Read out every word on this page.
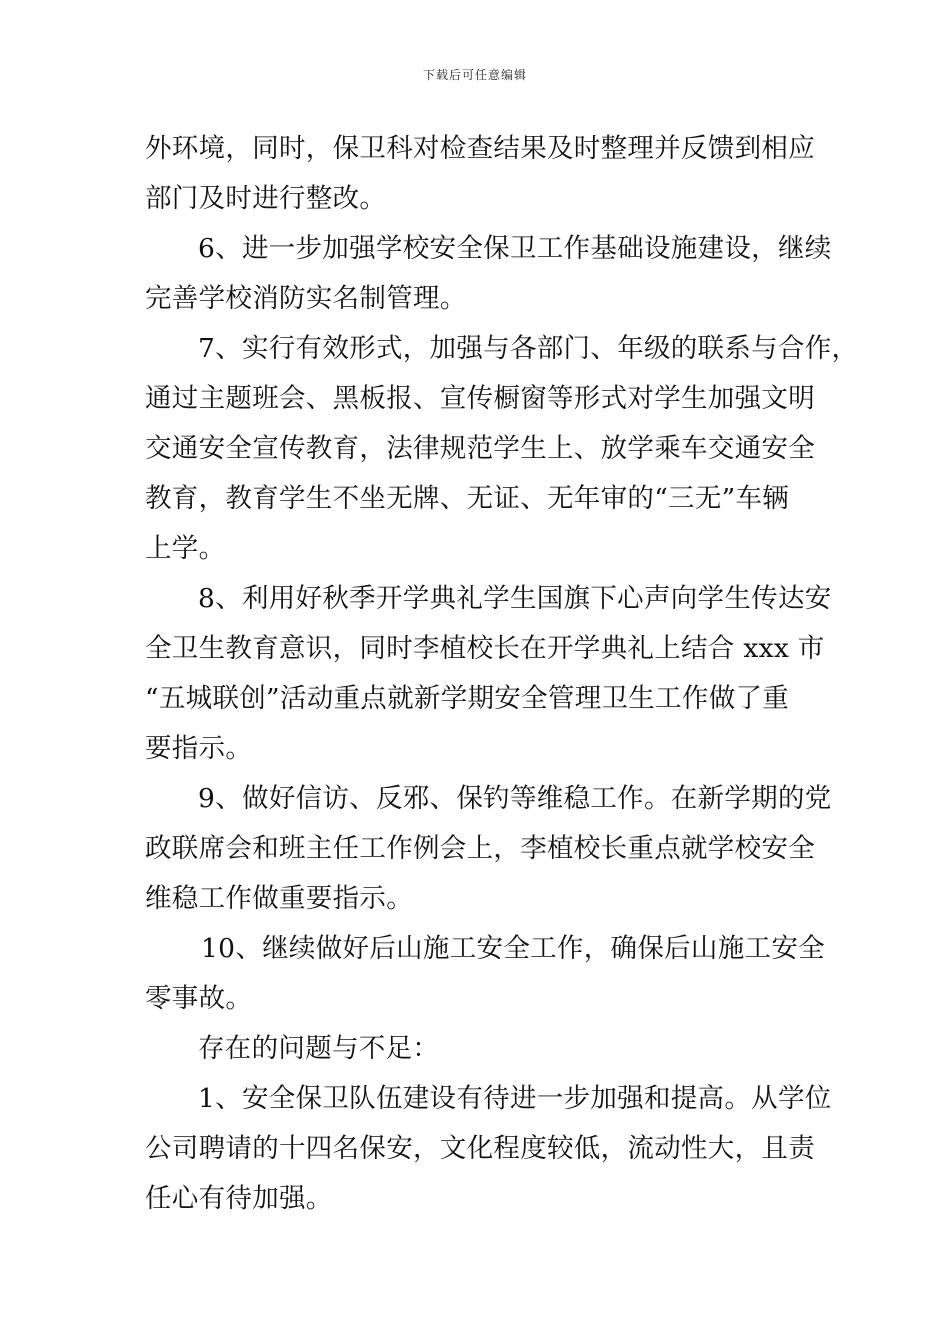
下载后可任意编辑
外环境，同时，保卫科对检查结果及时整理并反馈到相应
部门及时进行整改。
6、进一步加强学校安全保卫工作基础设施建设，继续
完善学校消防实名制管理。
7、实行有效形式，加强与各部门、年级的联系与合作，
通过主题班会、黑板报、宣传橱窗等形式对学生加强文明
交通安全宣传教育，法律规范学生上、放学乘车交通安全
教育，教育学生不坐无牌、无证、无年审的“三无”车辆
上学。
8、利用好秋季开学典礼学生国旗下心声向学生传达安
全卫生教育意识，同时李植校长在开学典礼上结合 xxx 市
“五城联创”活动重点就新学期安全管理卫生工作做了重
要指示。
9、做好信访、反邪、保钓等维稳工作。在新学期的党
政联席会和班主任工作例会上，李植校长重点就学校安全
维稳工作做重要指示。
10、继续做好后山施工安全工作，确保后山施工安全
零事故。
存在的问题与不足：
1、安全保卫队伍建设有待进一步加强和提高。从学位
公司聘请的十四名保安，文化程度较低，流动性大，且责
任心有待加强。
